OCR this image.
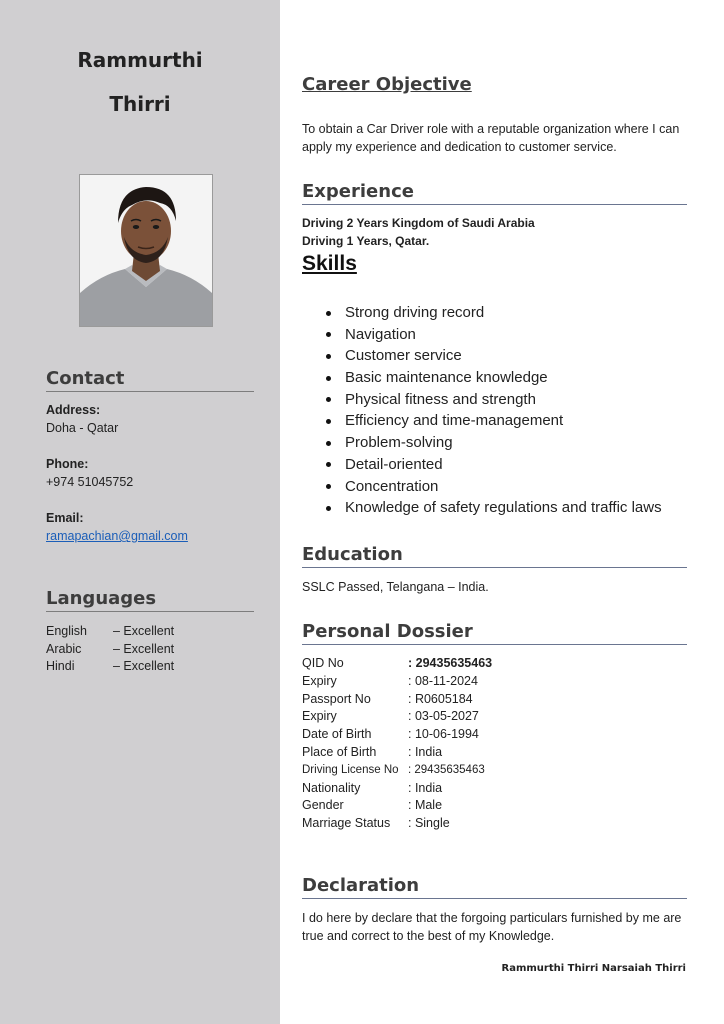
Rammurthi
Thirri
Contact
Address:
Doha - Qatar
Phone:
+974 51045752
Email:
ramapachian@gmail.com
Languages
English – Excellent
Arabic	– Excellent
Hindi	– Excellent
Career Objective
To obtain a Car Driver role with a reputable organization where I can apply my experience and dedication to customer service.
Experience
Driving 2 Years Kingdom of Saudi Arabia
Driving 1 Years, Qatar.
Skills
Strong driving record
Navigation
Customer service
Basic maintenance knowledge
Physical fitness and strength
Efficiency and time-management
Problem-solving
Detail-oriented
Concentration
Knowledge of safety regulations and traffic laws
Education
SSLC Passed, Telangana – India.
Personal Dossier
QID No	: 29435635463
Expiry	: 08-11-2024
Passport No	: R0605184
Expiry	: 03-05-2027
Date of Birth	: 10-06-1994
Place of Birth	: India
Driving License No : 29435635463
Nationality	: India
Gender	: Male
Marriage Status : Single
Declaration
I do here by declare that the forgoing particulars furnished by me are true and correct to the best of my Knowledge.
Rammurthi Thirri Narsaiah Thirri
